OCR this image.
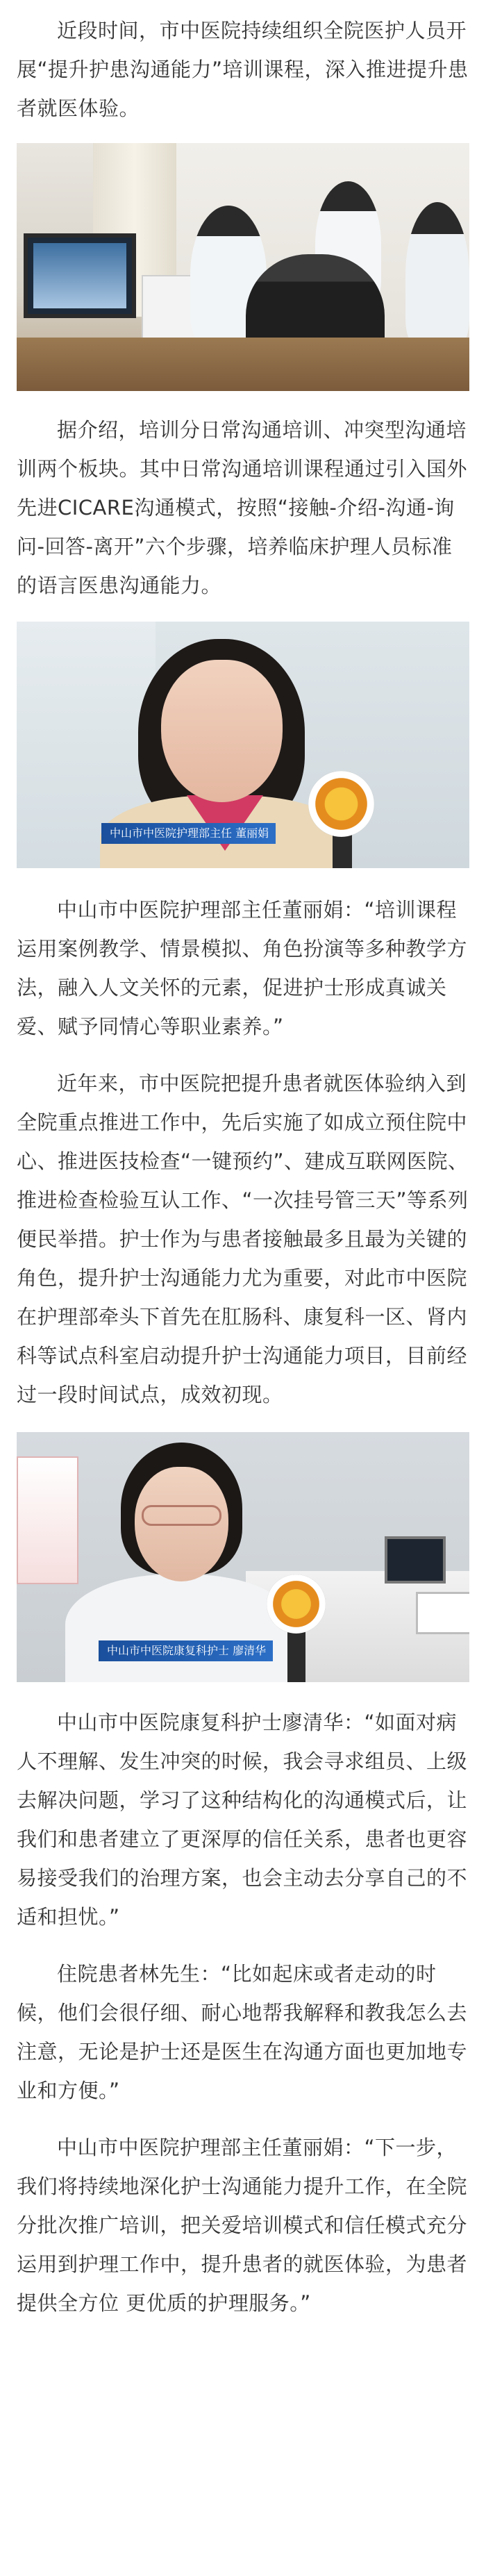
近段时间，市中医院持续组织全院医护人员开展“提升护患沟通能力”培训课程，深入推进提升患者就医体验。

据介绍，培训分日常沟通培训、冲突型沟通培训两个板块。其中日常沟通培训课程通过引入国外先进CICARE沟通模式，按照“接触-介绍-沟通-询问-回答-离开”六个步骤，培养临床护理人员标准的语言医患沟通能力。

中山市中医院护理部主任 董丽娟

中山市中医院护理部主任董丽娟：“培训课程运用案例教学、情景模拟、角色扮演等多种教学方法，融入人文关怀的元素，促进护士形成真诚关爱、赋予同情心等职业素养。”

近年来，市中医院把提升患者就医体验纳入到全院重点推进工作中，先后实施了如成立预住院中心、推进医技检查“一键预约”、建成互联网医院、推进检查检验互认工作、“一次挂号管三天”等系列便民举措。护士作为与患者接触最多且最为关键的角色，提升护士沟通能力尤为重要，对此市中医院在护理部牵头下首先在肛肠科、康复科一区、肾内科等试点科室启动提升护士沟通能力项目，目前经过一段时间试点，成效初现。

中山市中医院康复科护士 廖清华

中山市中医院康复科护士廖清华：“如面对病人不理解、发生冲突的时候，我会寻求组员、上级去解决问题，学习了这种结构化的沟通模式后，让我们和患者建立了更深厚的信任关系，患者也更容易接受我们的治理方案，也会主动去分享自己的不适和担忧。”

住院患者林先生：“比如起床或者走动的时候，他们会很仔细、耐心地帮我解释和教我怎么去注意，无论是护士还是医生在沟通方面也更加地专业和方便。”

中山市中医院护理部主任董丽娟：“下一步，我们将持续地深化护士沟通能力提升工作，在全院分批次推广培训，把关爱培训模式和信任模式充分运用到护理工作中，提升患者的就医体验，为患者提供全方位 更优质的护理服务。”
